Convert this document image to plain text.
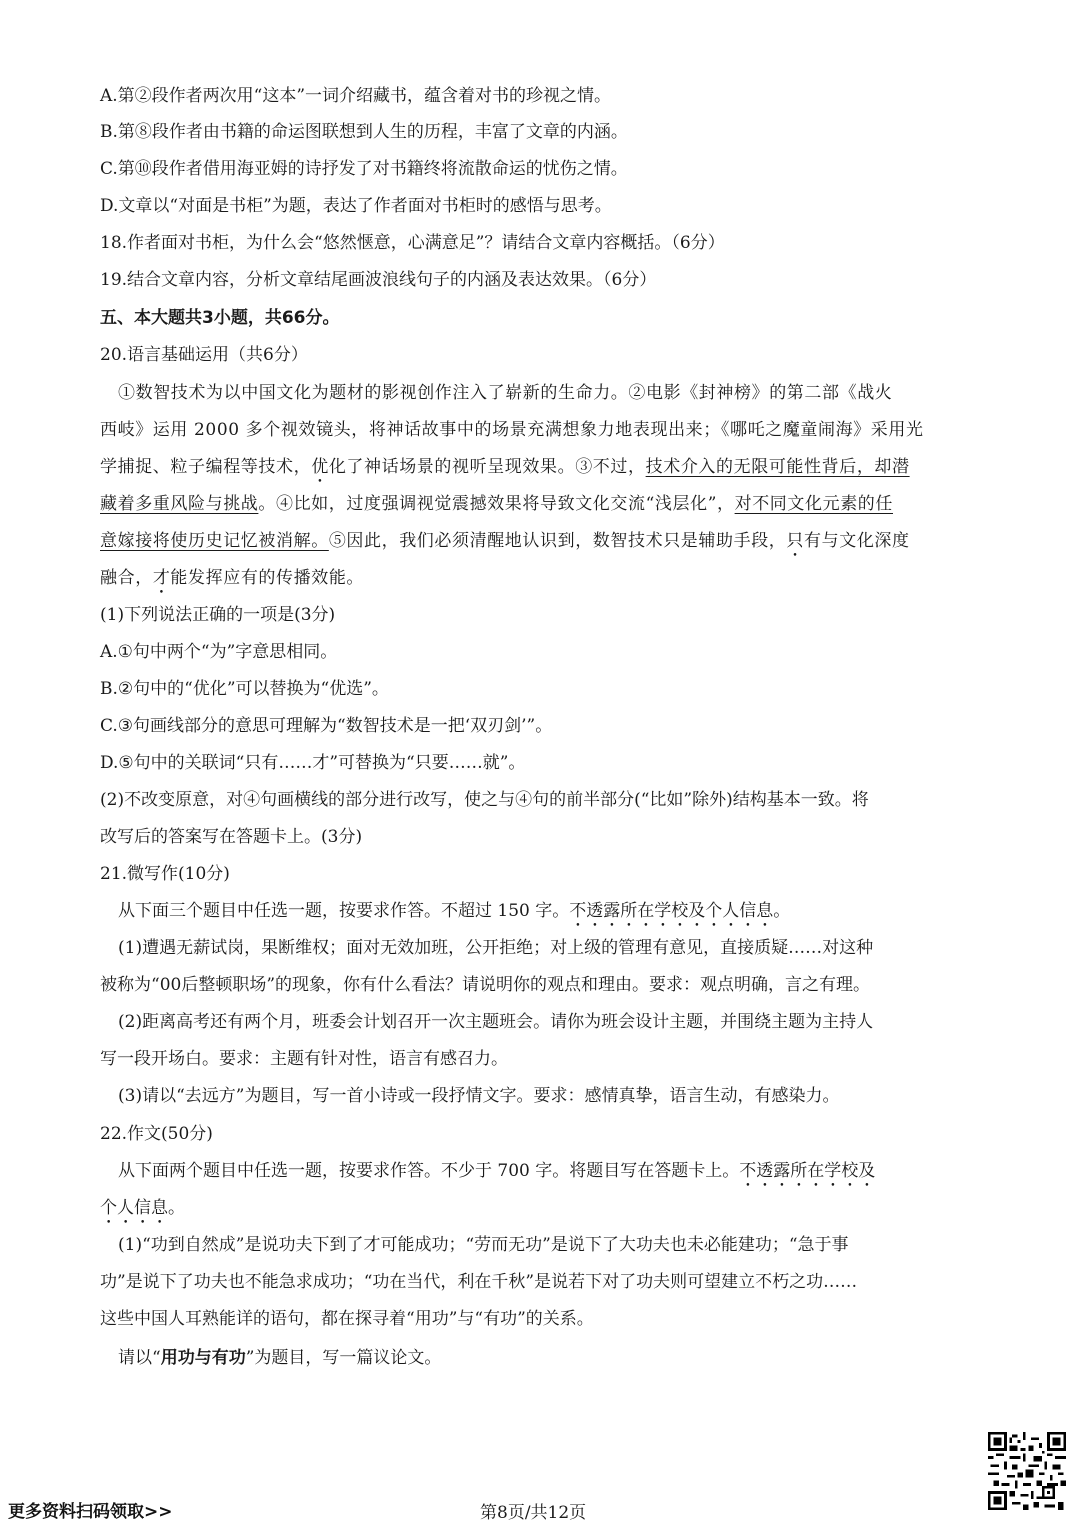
A.第②段作者两次用“这本”一词介绍藏书，蕴含着对书的珍视之情。
B.第⑧段作者由书籍的命运图联想到人生的历程，丰富了文章的内涵。
C.第⑩段作者借用海亚姆的诗抒发了对书籍终将流散命运的忧伤之情。
D.文章以“对面是书柜”为题，表达了作者面对书柜时的感悟与思考。
18.作者面对书柜，为什么会“悠然惬意，心满意足”？请结合文章内容概括。（6分）
19.结合文章内容，分析文章结尾画波浪线句子的内涵及表达效果。（6分）
五、本大题共3小题，共66分。
20.语言基础运用（共6分）
①数智技术为以中国文化为题材的影视创作注入了崭新的生命力。②电影《封神榜》的第二部《战火
西岐》运用 2000 多个视效镜头，将神话故事中的场景充满想象力地表现出来；《哪吒之魔童闹海》采用光
学捕捉、粒子编程等技术，优化了神话场景的视听呈现效果。③不过，技术介入的无限可能性背后，却潜
藏着多重风险与挑战。④比如，过度强调视觉震撼效果将导致文化交流“浅层化”，对不同文化元素的任
意嫁接将使历史记忆被消解。⑤因此，我们必须清醒地认识到，数智技术只是辅助手段，只有与文化深度
融合，才能发挥应有的传播效能。
(1)下列说法正确的一项是(3分)
A.①句中两个“为”字意思相同。
B.②句中的“优化”可以替换为“优选”。
C.③句画线部分的意思可理解为“数智技术是一把‘双刃剑’”。
D.⑤句中的关联词“只有……才”可替换为“只要……就”。
(2)不改变原意，对④句画横线的部分进行改写，使之与④句的前半部分(“比如”除外)结构基本一致。将
改写后的答案写在答题卡上。(3分)
21.微写作(10分)
从下面三个题目中任选一题，按要求作答。不超过 150 字。不透露所在学校及个人信息。
(1)遭遇无薪试岗，果断维权；面对无效加班，公开拒绝；对上级的管理有意见，直接质疑……对这种
被称为“00后整顿职场”的现象，你有什么看法？请说明你的观点和理由。要求：观点明确，言之有理。
(2)距离高考还有两个月，班委会计划召开一次主题班会。请你为班会设计主题，并围绕主题为主持人
写一段开场白。要求：主题有针对性，语言有感召力。
(3)请以“去远方”为题目，写一首小诗或一段抒情文字。要求：感情真挚，语言生动，有感染力。
22.作文(50分)
从下面两个题目中任选一题，按要求作答。不少于 700 字。将题目写在答题卡上。不透露所在学校及
个人信息。
(1)“功到自然成”是说功夫下到了才可能成功；“劳而无功”是说下了大功夫也未必能建功；“急于事
功”是说下了功夫也不能急求成功；“功在当代，利在千秋”是说若下对了功夫则可望建立不朽之功……
这些中国人耳熟能详的语句，都在探寻着“用功”与“有功”的关系。
请以“用功与有功”为题目，写一篇议论文。
更多资料扫码领取>>	第8页/共12页
